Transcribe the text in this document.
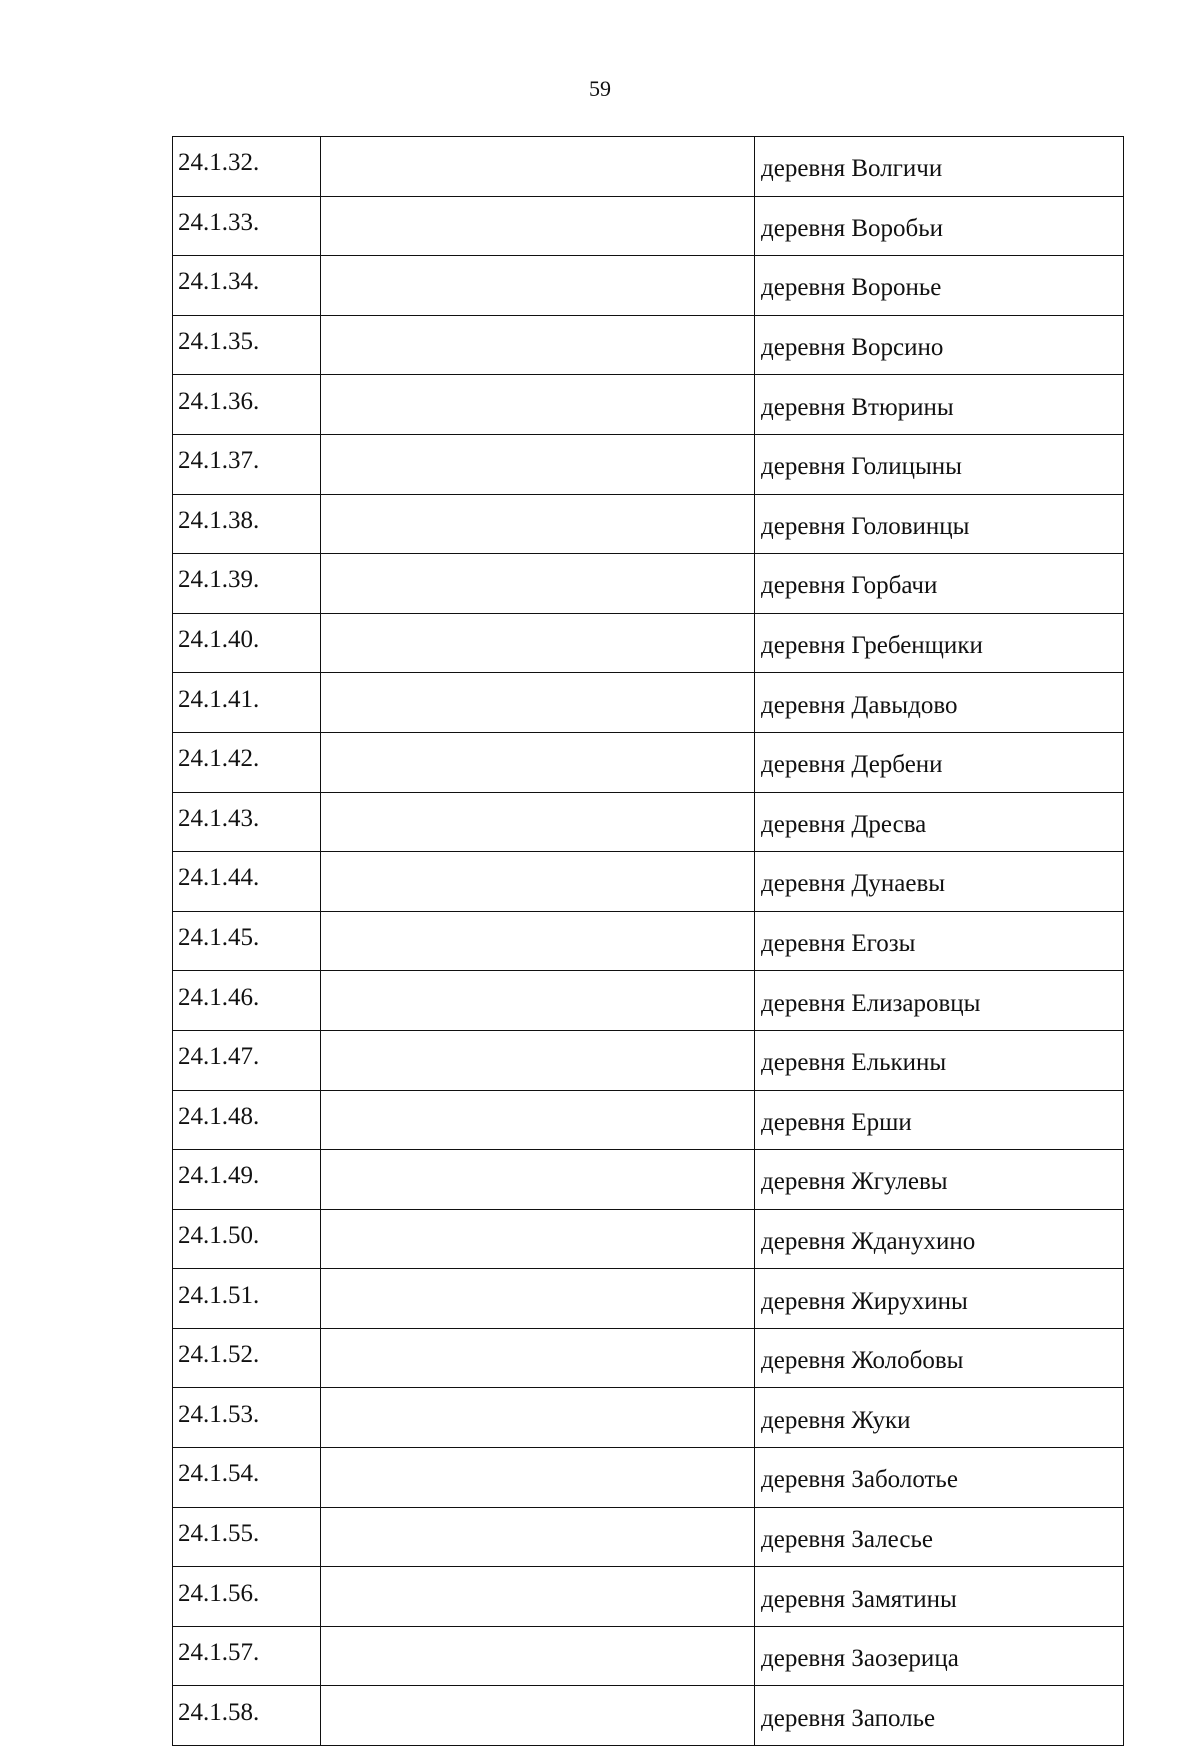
59
24.1.32.		деревня Волгичи
24.1.33.		деревня Воробьи
24.1.34.		деревня Воронье
24.1.35.		деревня Ворсино
24.1.36.		деревня Втюрины
24.1.37.		деревня Голицыны
24.1.38.		деревня Головинцы
24.1.39.		деревня Горбачи
24.1.40.		деревня Гребенщики
24.1.41.		деревня Давыдово
24.1.42.		деревня Дербени
24.1.43.		деревня Дресва
24.1.44.		деревня Дунаевы
24.1.45.		деревня Егозы
24.1.46.		деревня Елизаровцы
24.1.47.		деревня Елькины
24.1.48.		деревня Ерши
24.1.49.		деревня Жгулевы
24.1.50.		деревня Жданухино
24.1.51.		деревня Жирухины
24.1.52.		деревня Жолобовы
24.1.53.		деревня Жуки
24.1.54.		деревня Заболотье
24.1.55.		деревня Залесье
24.1.56.		деревня Замятины
24.1.57.		деревня Заозерица
24.1.58.		деревня Заполье
